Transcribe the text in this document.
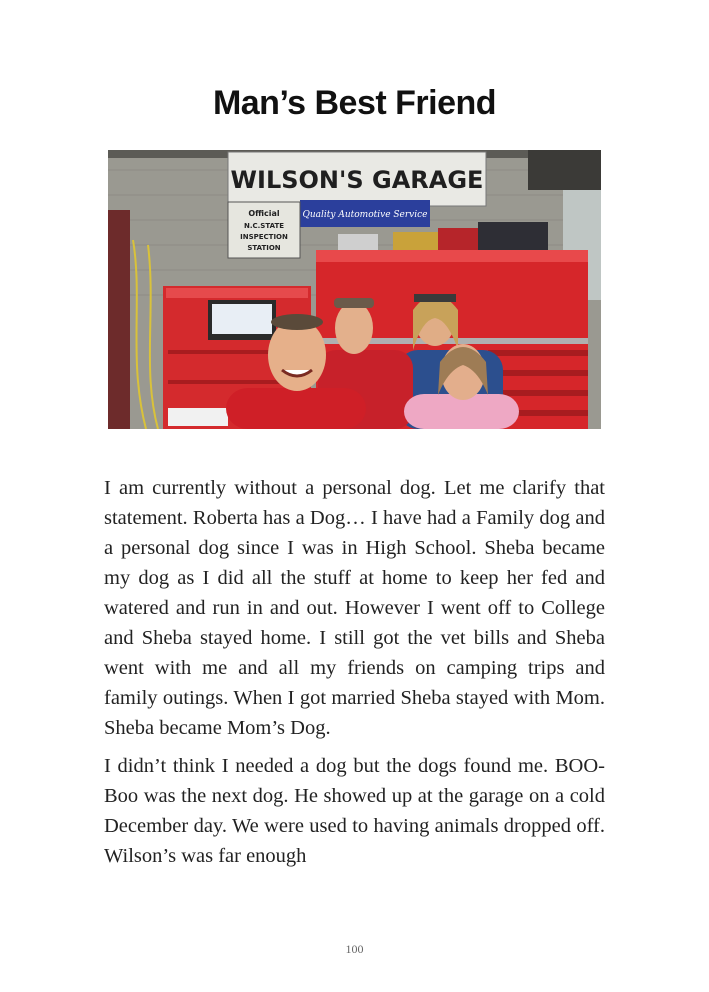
Man’s Best Friend
WILSON'S GARAGE
Quality Automotive Service
Official
N.C.STATE
INSPECTION
STATION

I am currently without a personal dog. Let me clarify that statement. Roberta has a Dog… I have had a Family dog and a personal dog since I was in High School. Sheba became my dog as I did all the stuff at home to keep her fed and watered and run in and out. However I went off to College and Sheba stayed home. I still got the vet bills and Sheba went with me and all my friends on camping trips and family outings. When I got married Sheba stayed with Mom. Sheba became Mom’s Dog.

I didn’t think I needed a dog but the dogs found me. BOO-Boo was the next dog. He showed up at the garage on a cold December day. We were used to having animals dropped off. Wilson’s was far enough

100
